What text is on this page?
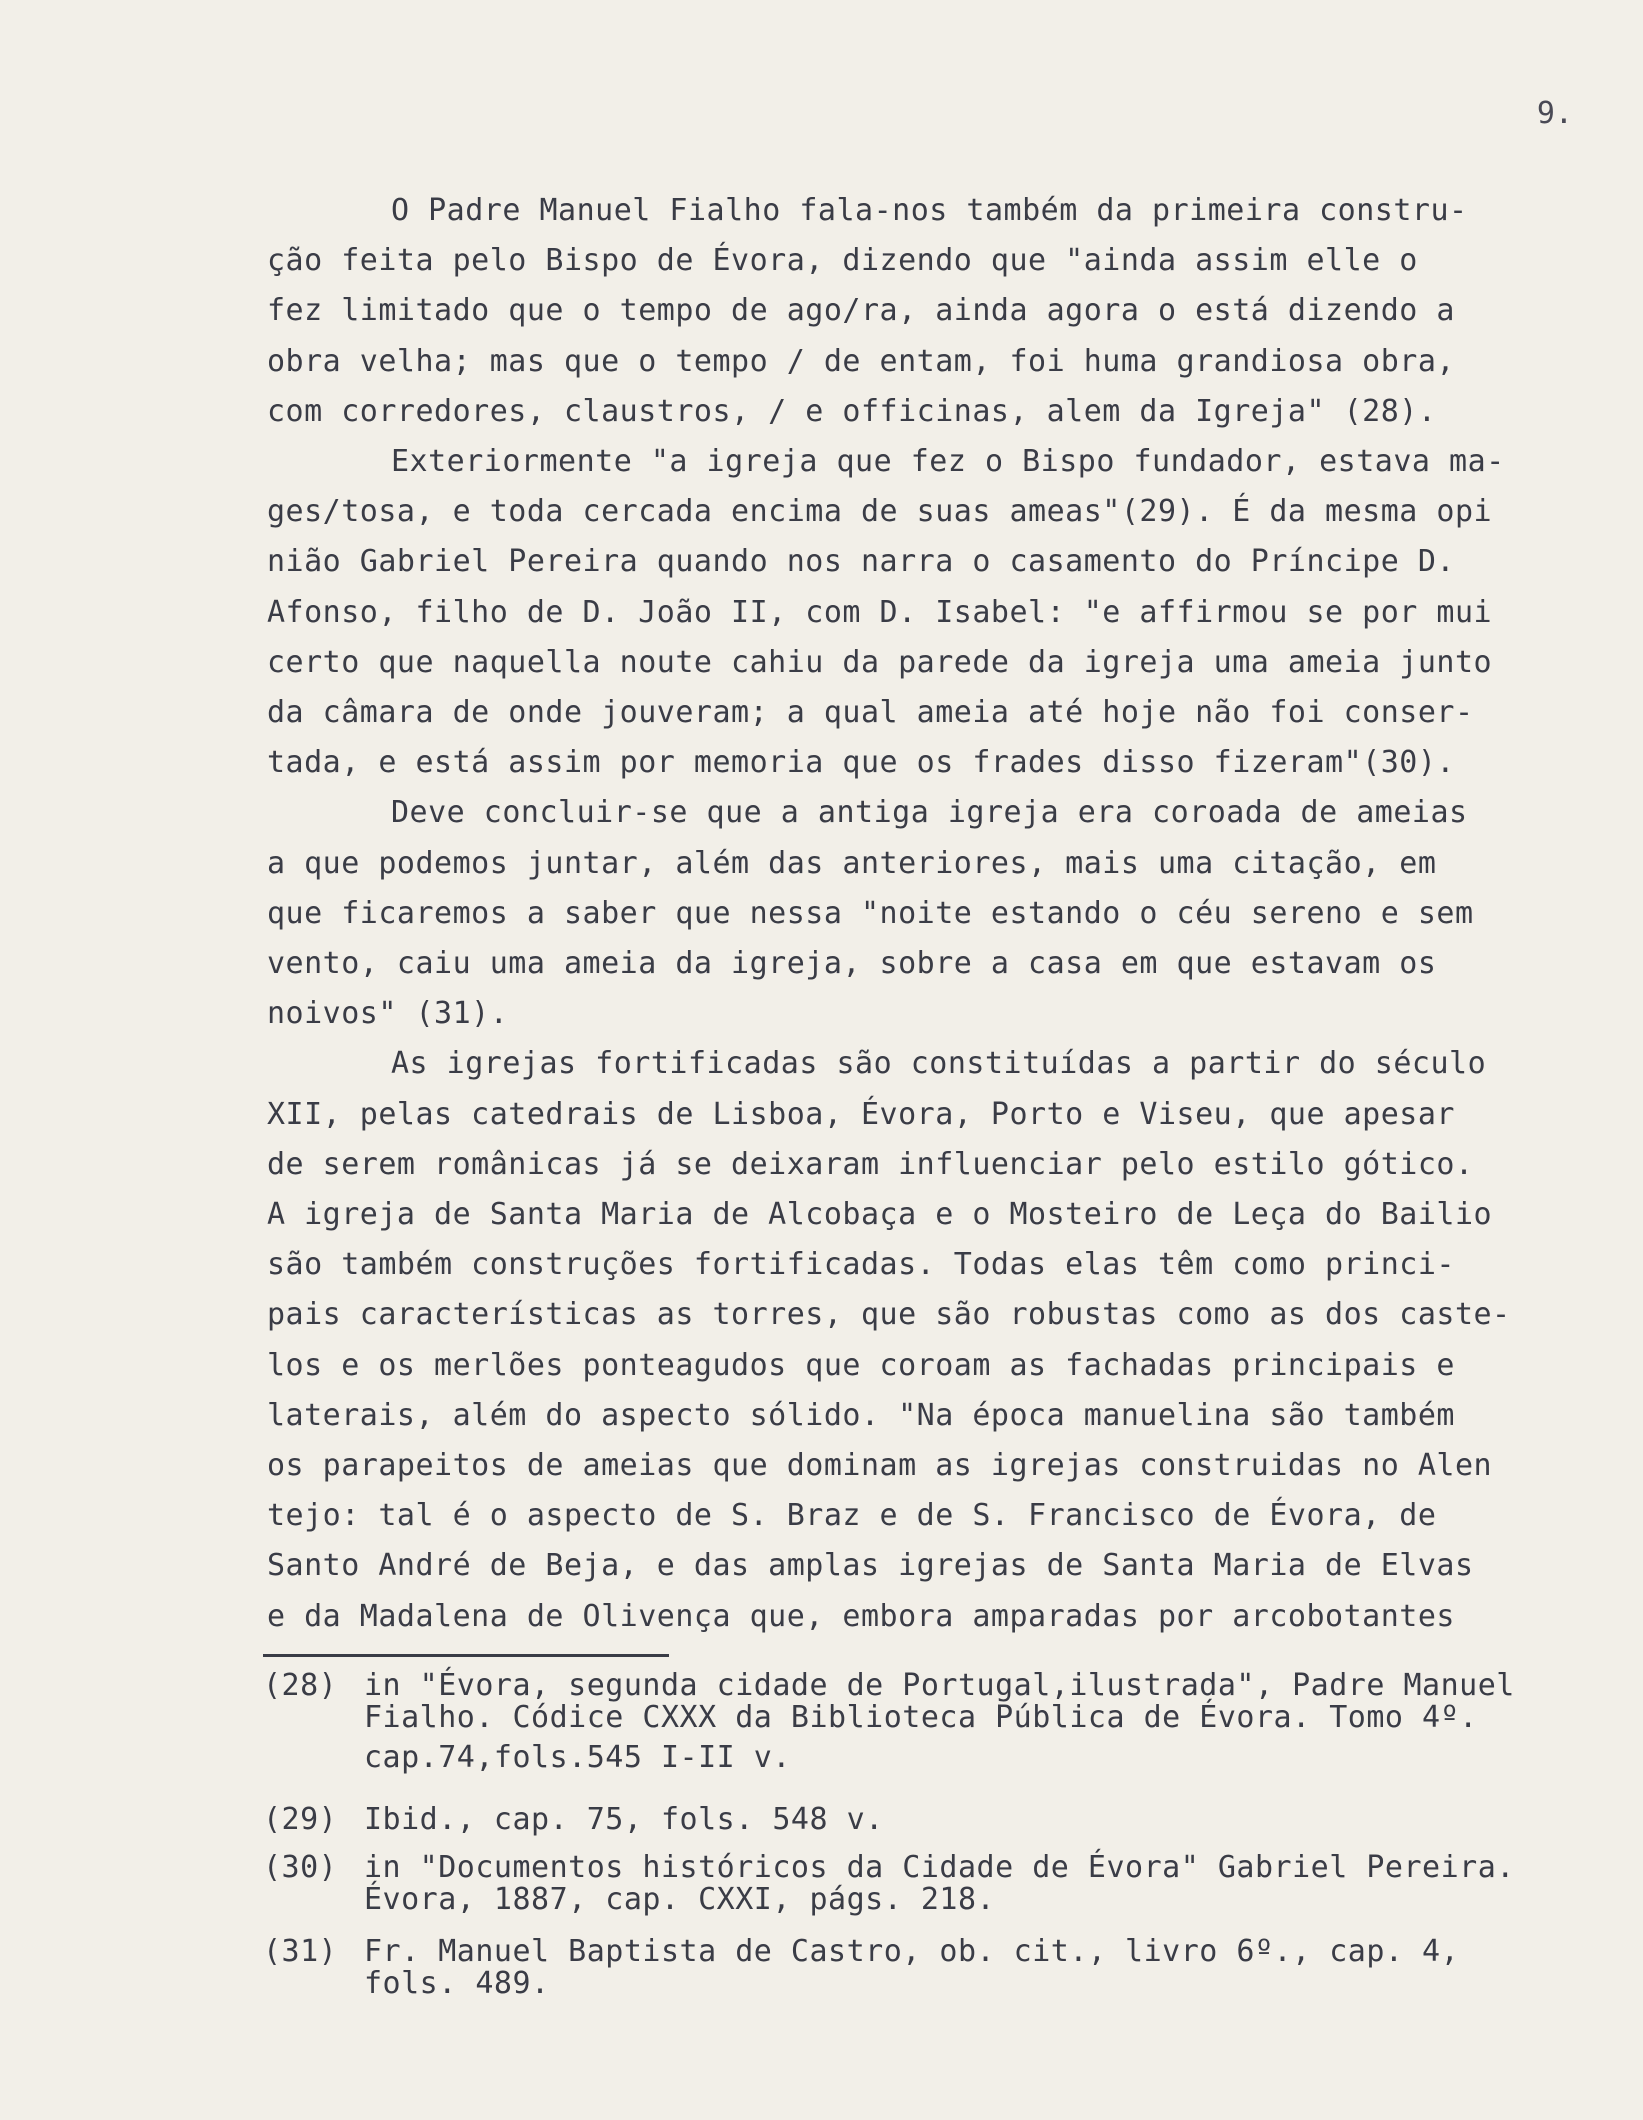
9.
O Padre Manuel Fialho fala-nos também da primeira constru-
ção feita pelo Bispo de Évora, dizendo que "ainda assim elle o
fez limitado que o tempo de ago/ra, ainda agora o está dizendo a
obra velha; mas que o tempo / de entam, foi huma grandiosa obra,
com corredores, claustros, / e officinas, alem da Igreja" (28).
Exteriormente "a igreja que fez o Bispo fundador, estava ma-
ges/tosa, e toda cercada encima de suas ameas"(29). É da mesma opi
nião Gabriel Pereira quando nos narra o casamento do Príncipe D.
Afonso, filho de D. João II, com D. Isabel: "e affirmou se por mui
certo que naquella noute cahiu da parede da igreja uma ameia junto
da câmara de onde jouveram; a qual ameia até hoje não foi conser-
tada, e está assim por memoria que os frades disso fizeram"(30).
Deve concluir-se que a antiga igreja era coroada de ameias
a que podemos juntar, além das anteriores, mais uma citação, em
que ficaremos a saber que nessa "noite estando o céu sereno e sem
vento, caiu uma ameia da igreja, sobre a casa em que estavam os
noivos" (31).
As igrejas fortificadas são constituídas a partir do século
XII, pelas catedrais de Lisboa, Évora, Porto e Viseu, que apesar
de serem românicas já se deixaram influenciar pelo estilo gótico.
A igreja de Santa Maria de Alcobaça e o Mosteiro de Leça do Bailio
são também construções fortificadas. Todas elas têm como princi-
pais características as torres, que são robustas como as dos caste-
los e os merlões ponteagudos que coroam as fachadas principais e
laterais, além do aspecto sólido. "Na época manuelina são também
os parapeitos de ameias que dominam as igrejas construidas no Alen
tejo: tal é o aspecto de S. Braz e de S. Francisco de Évora, de
Santo André de Beja, e das amplas igrejas de Santa Maria de Elvas
e da Madalena de Olivença que, embora amparadas por arcobotantes
(28) in "Évora, segunda cidade de Portugal,ilustrada", Padre Manuel
Fialho. Códice CXXX da Biblioteca Pública de Évora. Tomo 4º.
cap.74,fols.545 I-II v.
(29) Ibid., cap. 75, fols. 548 v.
(30) in "Documentos históricos da Cidade de Évora" Gabriel Pereira.
Évora, 1887, cap. CXXI, págs. 218.
(31) Fr. Manuel Baptista de Castro, ob. cit., livro 6º., cap. 4,
fols. 489.
